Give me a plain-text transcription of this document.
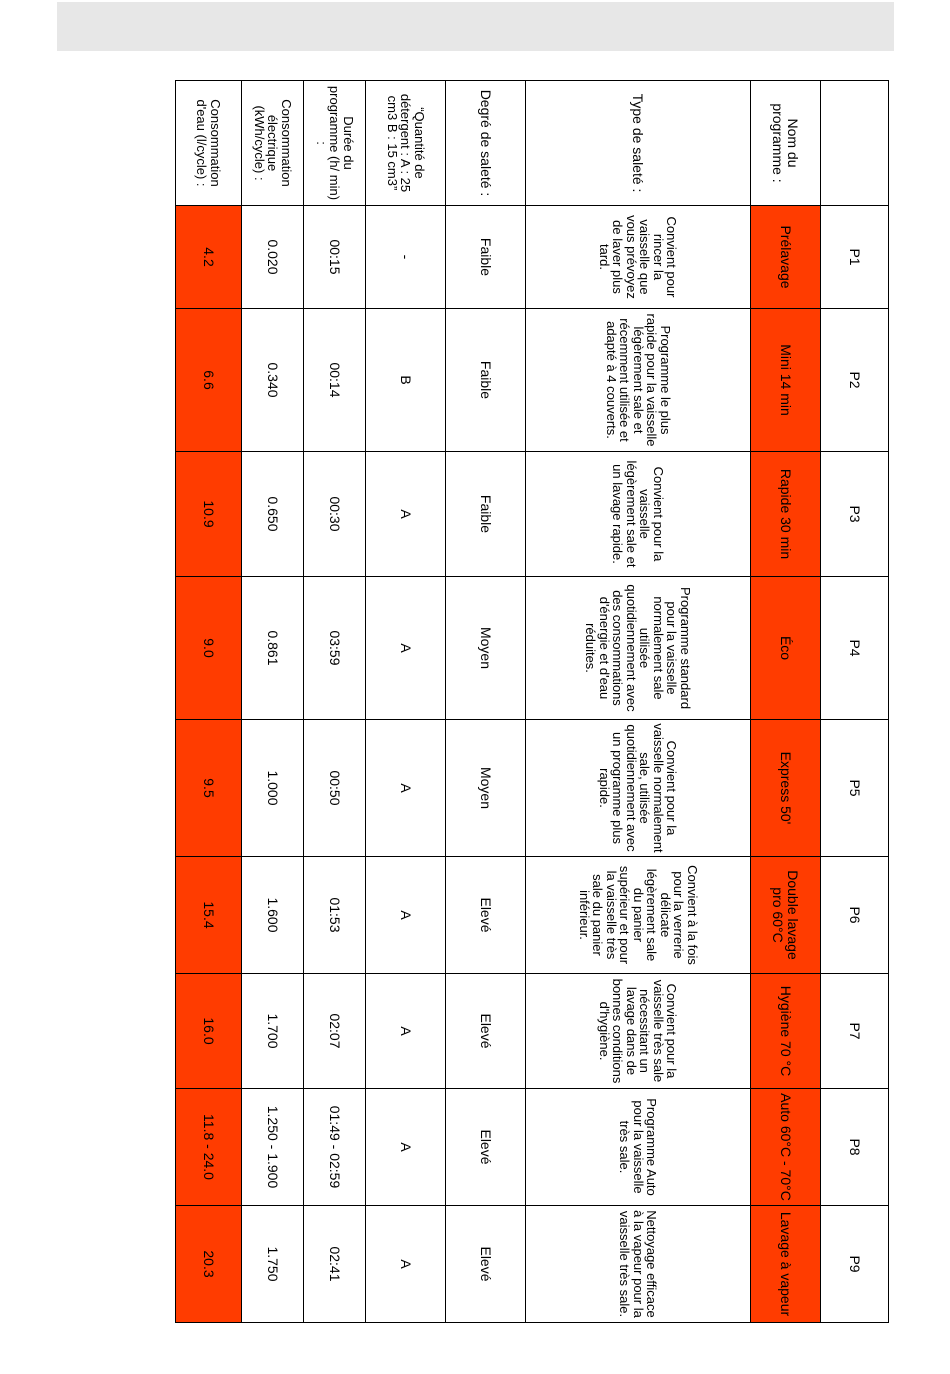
	P1	P2	P3	P4	P5	P6	P7	P8	P9
Nom du programme :	Prélavage	Mini 14 min	Rapide 30 min	Éco	Express 50'	Double lavage pro 60°C	Hygiène 70 °C	Auto 60°C - 70°C	Lavage à vapeur
Type de saleté :	Convient pour rincer la vaisselle que vous prévoyez de laver plus tard.	Programme le plus rapide pour la vaisselle légèrement sale et récemment utilisée et adapté à 4 couverts.	Convient pour la vaisselle légèrement sale et un lavage rapide.	Programme standard pour la vaisselle normalement sale utilisée quotidiennement avec des consommations d'énergie et d'eau réduites.	Convient pour la vaisselle normalement sale, utilisée quotidiennement avec un programme plus rapide.	Convient à la fois pour la verrerie délicate légèrement sale du panier supérieur et pour la vaisselle très sale du panier inférieur.	Convient pour la vaisselle très sale nécessitant un lavage dans de bonnes conditions d'hygiène.	Programme Auto pour la vaisselle très sale.	Nettoyage efficace à la vapeur pour la vaisselle très sale.
Degré de saleté :	Faible	Faible	Faible	Moyen	Moyen	Elevé	Elevé	Elevé	Elevé
“Quantité de détergent : A : 25 cm3 B : 15 cm3”	-	B	A	A	A	A	A	A	A
Durée du programme (h/ min) :	00:15	00:14	00:30	03:59	00:50	01:53	02:07	01:49 - 02:59	02:41
Consommation électrique (kWh/cycle) :	0.020	0.340	0.650	0.861	1.000	1.600	1.700	1.250 - 1.900	1.750
Consommation d'eau (l/cycle) :	4.2	6.6	10.9	9.0	9.5	15.4	16.0	11.8 - 24.0	20.3
